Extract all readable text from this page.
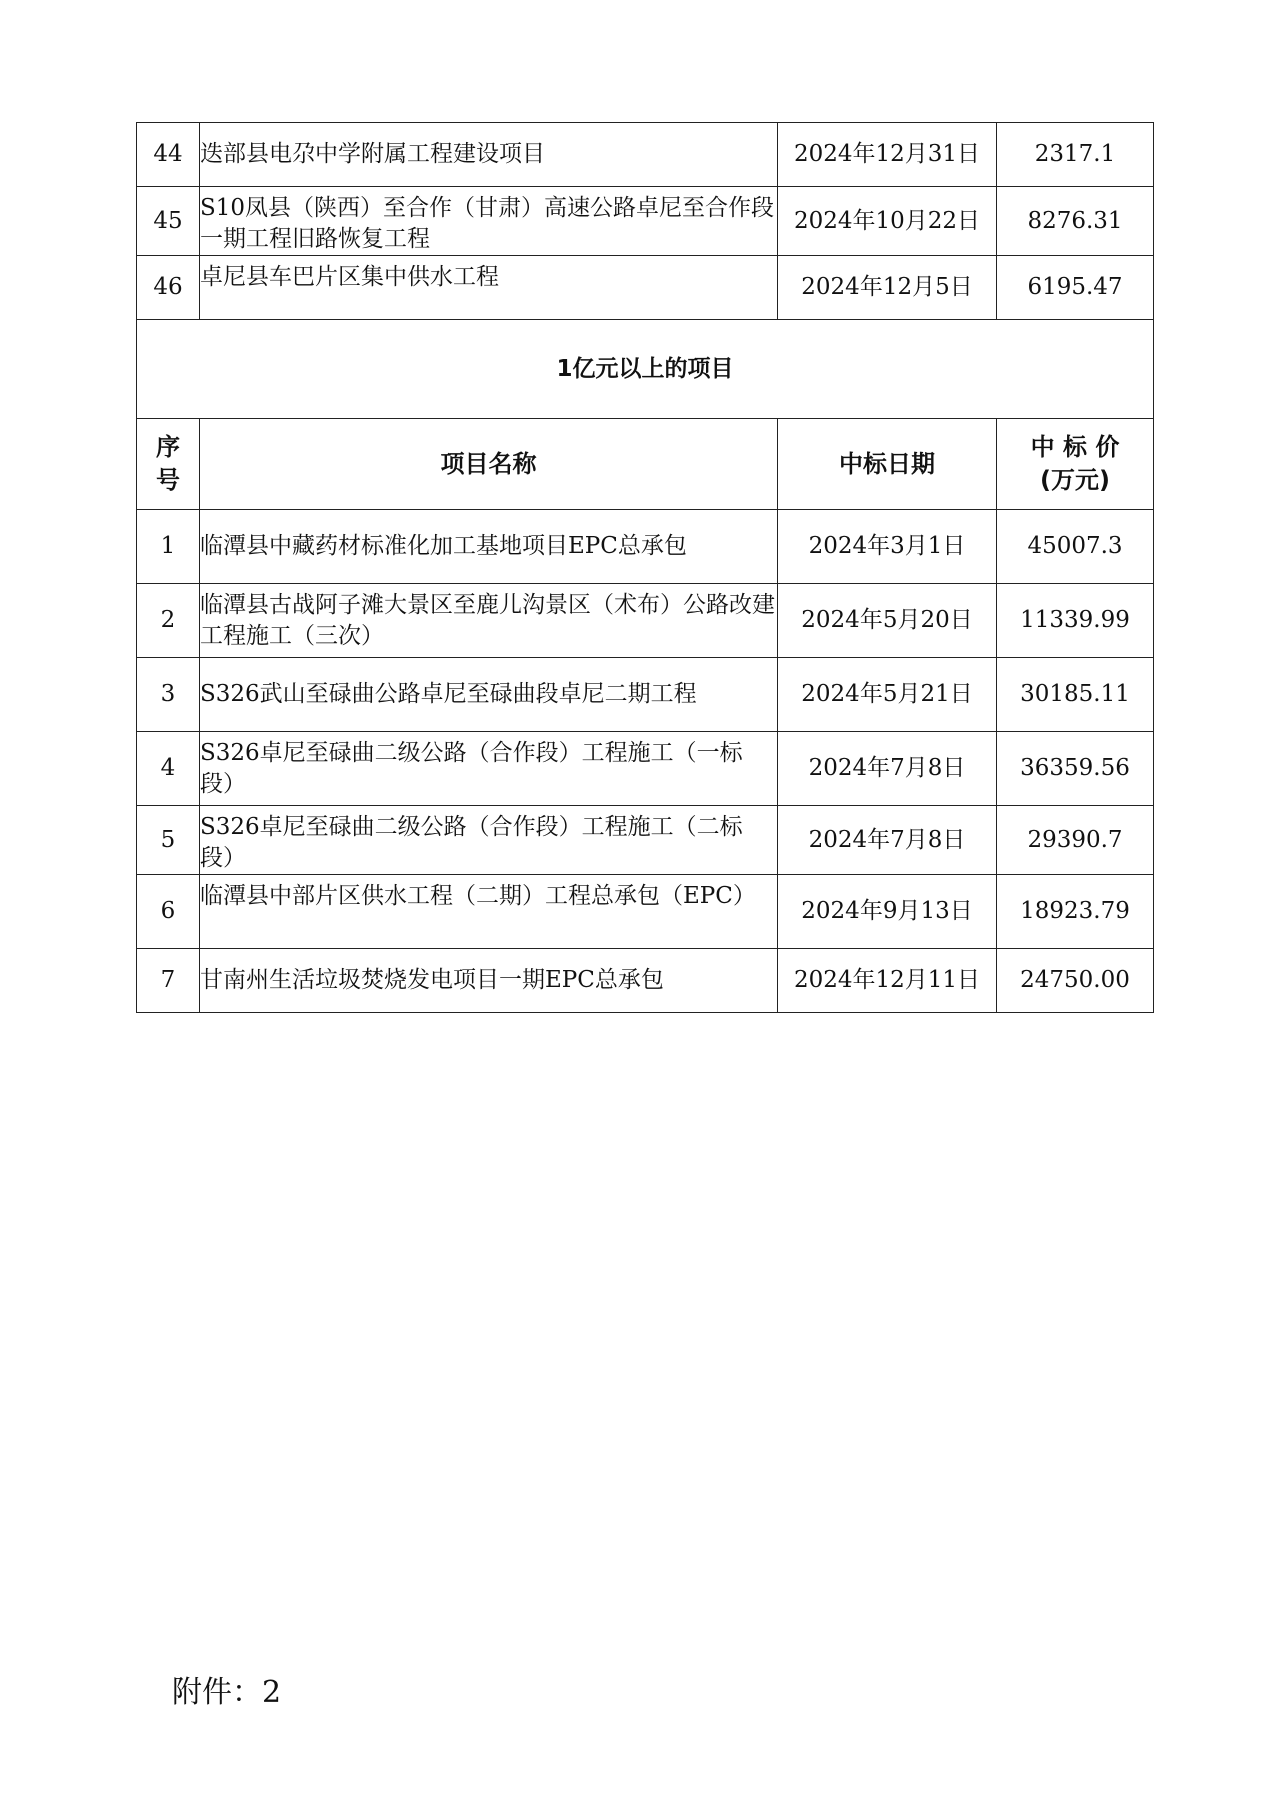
44	迭部县电尕中学附属工程建设项目	2024年12月31日	2317.1
45	S10凤县（陕西）至合作（甘肃）高速公路卓尼至合作段一期工程旧路恢复工程	2024年10月22日	8276.31
46	卓尼县车巴片区集中供水工程	2024年12月5日	6195.47
1亿元以上的项目			
序号	项目名称	中标日期	中 标 价
(万元)

1	临潭县中藏药材标准化加工基地项目EPC总承包	2024年3月1日	45007.3
2	临潭县古战阿子滩大景区至鹿儿沟景区（术布）公路改建工程施工（三次）	2024年5月20日	11339.99
3	S326武山至碌曲公路卓尼至碌曲段卓尼二期工程	2024年5月21日	30185.11
4	S326卓尼至碌曲二级公路（合作段）工程施工（一标段）	2024年7月8日	36359.56
5	S326卓尼至碌曲二级公路（合作段）工程施工（二标段）	2024年7月8日	29390.7
6	临潭县中部片区供水工程（二期）工程总承包（EPC）	2024年9月13日	18923.79
7	甘南州生活垃圾焚烧发电项目一期EPC总承包	2024年12月11日	24750.00
附件：2
